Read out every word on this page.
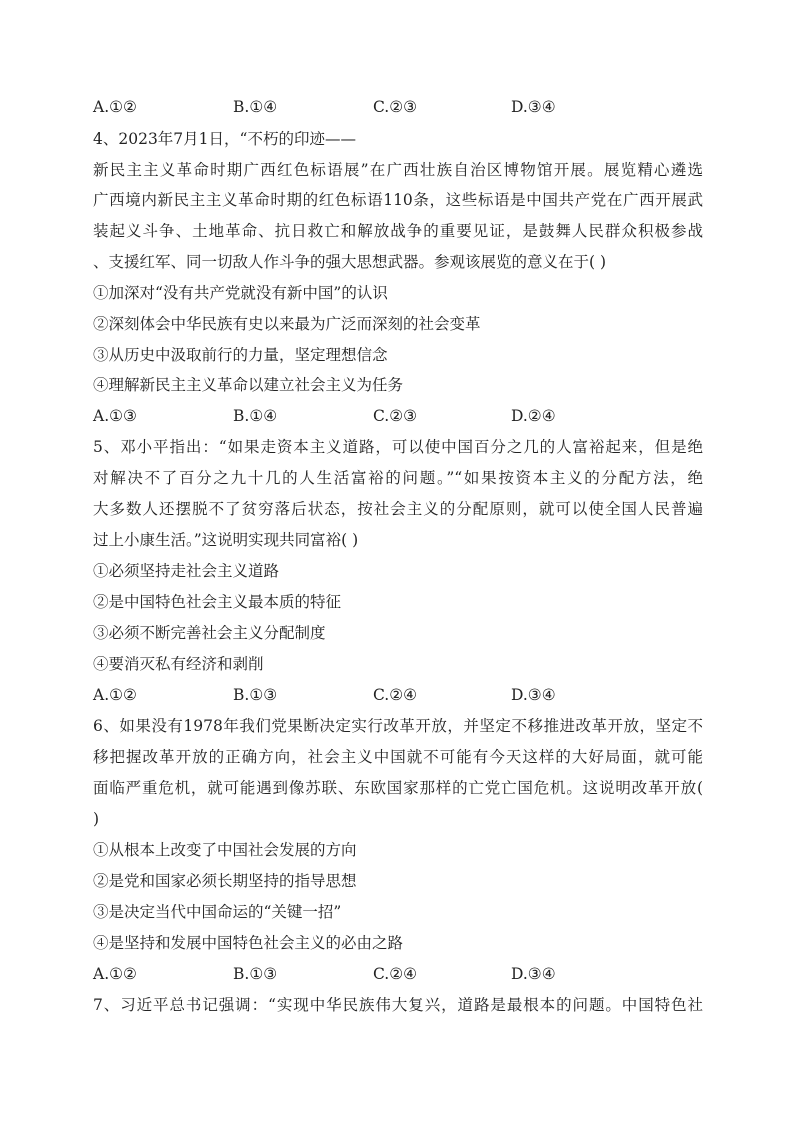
A.①②	B.①④	C.②③	D.③④
4、2023年7月1日，“不朽的印迹——
新民主主义革命时期广西红色标语展”在广西壮族自治区博物馆开展。展览精心遴选
广西境内新民主主义革命时期的红色标语110条，这些标语是中国共产党在广西开展武
装起义斗争、土地革命、抗日救亡和解放战争的重要见证，是鼓舞人民群众积极参战
、支援红军、同一切敌人作斗争的强大思想武器。参观该展览的意义在于( )
①加深对“没有共产党就没有新中国”的认识
②深刻体会中华民族有史以来最为广泛而深刻的社会变革
③从历史中汲取前行的力量，坚定理想信念
④理解新民主主义革命以建立社会主义为任务
A.①③	B.①④	C.②③	D.②④
5、邓小平指出：“如果走资本主义道路，可以使中国百分之几的人富裕起来，但是绝
对解决不了百分之九十几的人生活富裕的问题。”“如果按资本主义的分配方法，绝
大多数人还摆脱不了贫穷落后状态，按社会主义的分配原则，就可以使全国人民普遍
过上小康生活。”这说明实现共同富裕( )
①必须坚持走社会主义道路
②是中国特色社会主义最本质的特征
③必须不断完善社会主义分配制度
④要消灭私有经济和剥削
A.①②	B.①③	C.②④	D.③④
6、如果没有1978年我们党果断决定实行改革开放，并坚定不移推进改革开放，坚定不
移把握改革开放的正确方向，社会主义中国就不可能有今天这样的大好局面，就可能
面临严重危机，就可能遇到像苏联、东欧国家那样的亡党亡国危机。这说明改革开放(
)
①从根本上改变了中国社会发展的方向
②是党和国家必须长期坚持的指导思想
③是决定当代中国命运的“关键一招”
④是坚持和发展中国特色社会主义的必由之路
A.①②	B.①③	C.②④	D.③④
7、习近平总书记强调：“实现中华民族伟大复兴，道路是最根本的问题。中国特色社
